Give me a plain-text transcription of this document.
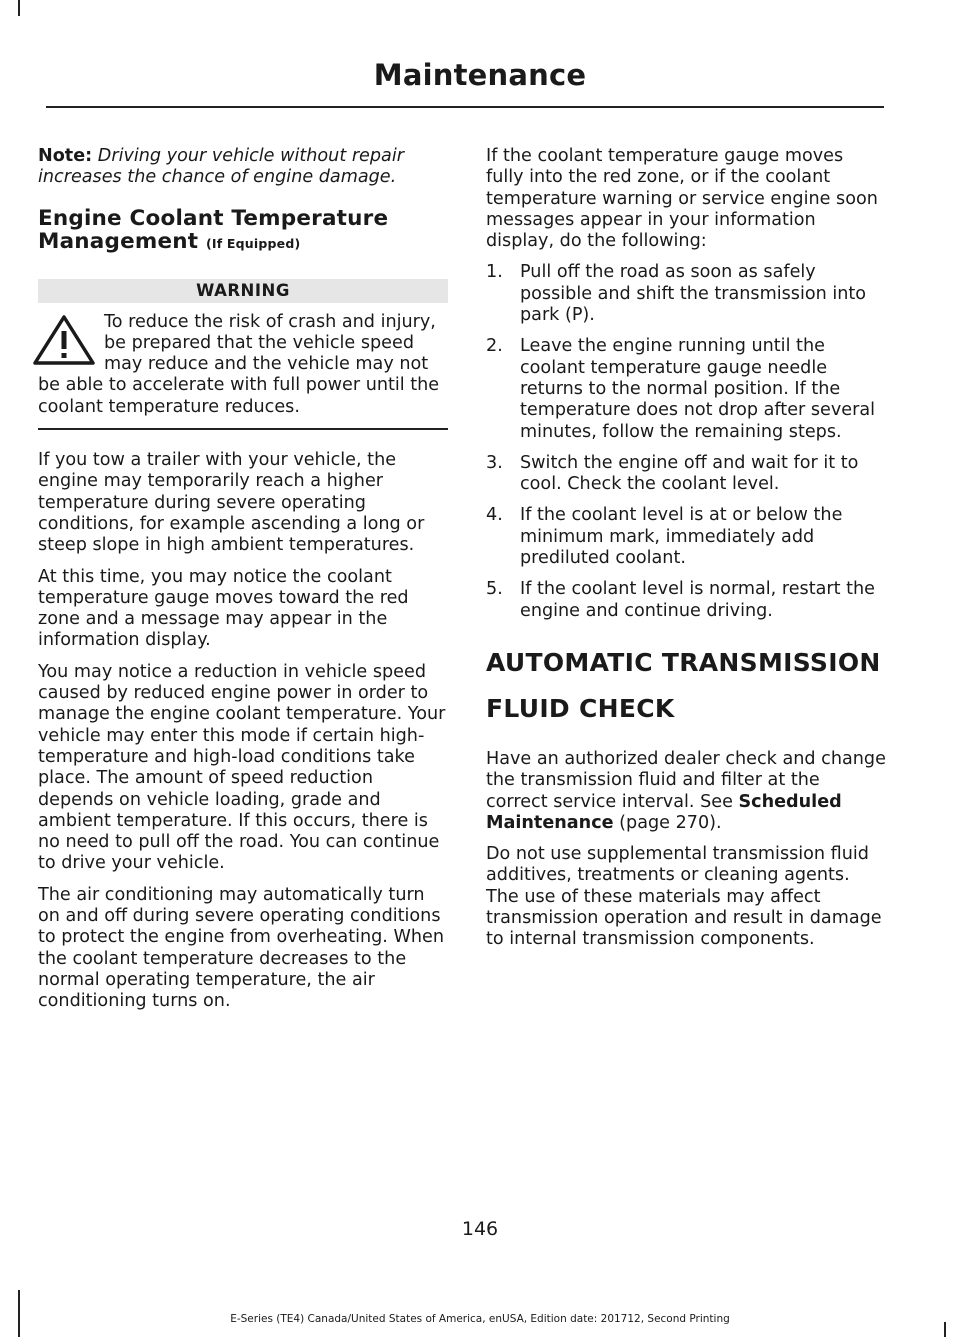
Maintenance

Note: Driving your vehicle without repair increases the chance of engine damage.

Engine Coolant Temperature Management (If Equipped)
WARNING
To reduce the risk of crash and injury, be prepared that the vehicle speed may reduce and the vehicle may not be able to accelerate with full power until the coolant temperature reduces.

If you tow a trailer with your vehicle, the engine may temporarily reach a higher temperature during severe operating conditions, for example ascending a long or steep slope in high ambient temperatures.

At this time, you may notice the coolant temperature gauge moves toward the red zone and a message may appear in the information display.

You may notice a reduction in vehicle speed caused by reduced engine power in order to manage the engine coolant temperature. Your vehicle may enter this mode if certain high-temperature and high-load conditions take place. The amount of speed reduction depends on vehicle loading, grade and ambient temperature. If this occurs, there is no need to pull off the road. You can continue to drive your vehicle.

The air conditioning may automatically turn on and off during severe operating conditions to protect the engine from overheating. When the coolant temperature decreases to the normal operating temperature, the air conditioning turns on.

If the coolant temperature gauge moves fully into the red zone, or if the coolant temperature warning or service engine soon messages appear in your information display, do the following:

1. Pull off the road as soon as safely possible and shift the transmission into park (P).
2. Leave the engine running until the coolant temperature gauge needle returns to the normal position. If the temperature does not drop after several minutes, follow the remaining steps.
3. Switch the engine off and wait for it to cool. Check the coolant level.
4. If the coolant level is at or below the minimum mark, immediately add prediluted coolant.
5. If the coolant level is normal, restart the engine and continue driving.
AUTOMATIC TRANSMISSION
FLUID CHECK

Have an authorized dealer check and change the transmission fluid and filter at the correct service interval. See Scheduled Maintenance (page 270).

Do not use supplemental transmission fluid additives, treatments or cleaning agents. The use of these materials may affect transmission operation and result in damage to internal transmission components.

146
E-Series (TE4) Canada/United States of America, enUSA, Edition date: 201712, Second Printing
